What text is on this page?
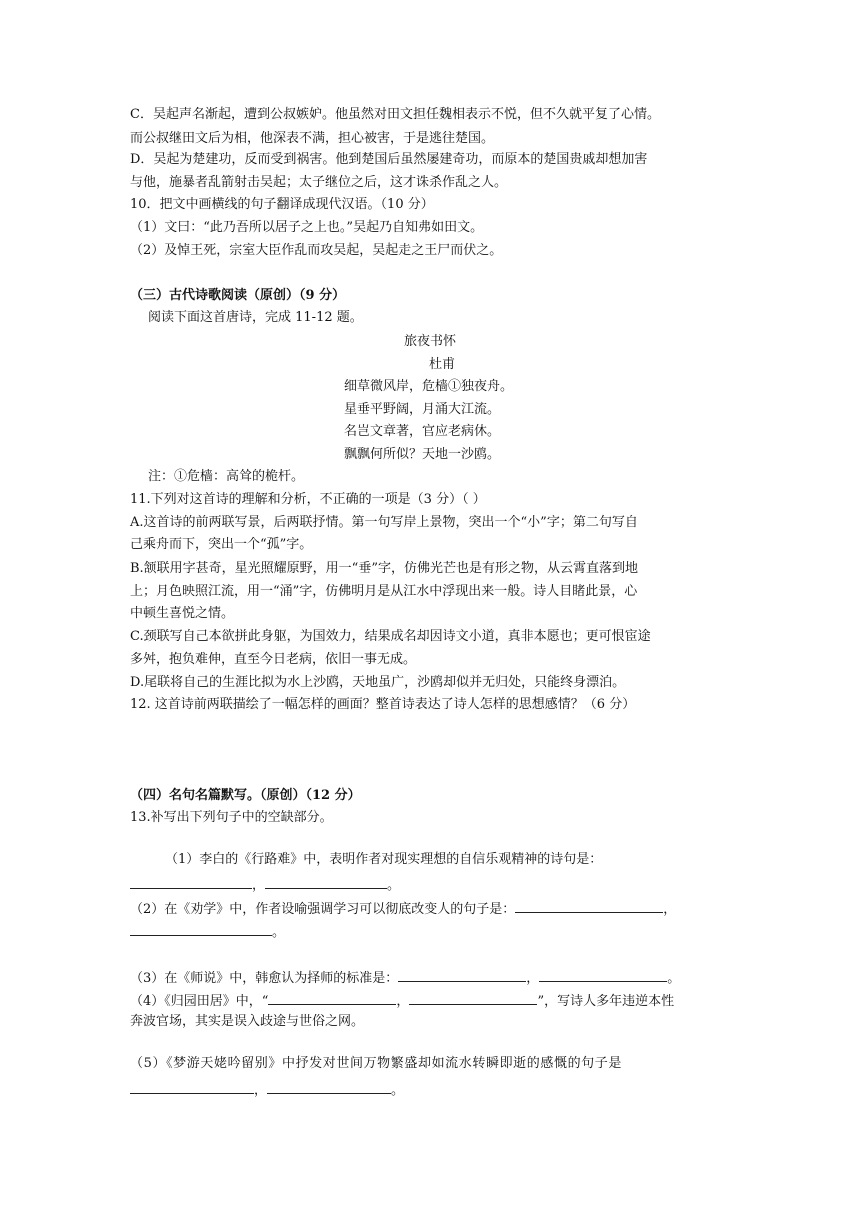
C．吴起声名渐起，遭到公叔嫉妒。他虽然对田文担任魏相表示不悦，但不久就平复了心情。
而公叔继田文后为相，他深表不满，担心被害，于是逃往楚国。
D．吴起为楚建功，反而受到祸害。他到楚国后虽然屡建奇功，而原本的楚国贵戚却想加害
与他，施暴者乱箭射击吴起；太子继位之后，这才诛杀作乱之人。
10．把文中画横线的句子翻译成现代汉语。（10 分）
（1）文曰：“此乃吾所以居子之上也。”吴起乃自知弗如田文。
（2）及悼王死，宗室大臣作乱而攻吴起，吴起走之王尸而伏之。
（三）古代诗歌阅读（原创）（9 分）
阅读下面这首唐诗，完成 11-12 题。
旅夜书怀
杜甫
细草微风岸，危樯①独夜舟。
星垂平野阔，月涌大江流。
名岂文章著，官应老病休。
飘飘何所似？天地一沙鸥。
注：①危樯：高耸的桅杆。
11.下列对这首诗的理解和分析，不正确的一项是（3 分）（ ）
A.这首诗的前两联写景，后两联抒情。第一句写岸上景物，突出一个“小”字；第二句写自
己乘舟而下，突出一个“孤”字。
B.颔联用字甚奇，星光照耀原野，用一“垂”字，仿佛光芒也是有形之物，从云霄直落到地
上；月色映照江流，用一“涌”字，仿佛明月是从江水中浮现出来一般。诗人目睹此景，心
中顿生喜悦之情。
C.颈联写自己本欲拼此身躯，为国效力，结果成名却因诗文小道，真非本愿也；更可恨宦途
多舛，抱负难伸，直至今日老病，依旧一事无成。
D.尾联将自己的生涯比拟为水上沙鸥，天地虽广，沙鸥却似并无归处，只能终身漂泊。
12. 这首诗前两联描绘了一幅怎样的画面？整首诗表达了诗人怎样的思想感情？（6 分）
（四）名句名篇默写。（原创）（12 分）
13.补写出下列句子中的空缺部分。
（1）李白的《行路难》中，表明作者对现实理想的自信乐观精神的诗句是：
，	。
（2）在《劝学》中，作者设喻强调学习可以彻底改变人的句子是：	，
。
（3）在《师说》中，韩愈认为择师的标准是：	，	。
（4）《归园田居》中，“	，	”，写诗人多年违逆本性
奔波官场，其实是误入歧途与世俗之网。
（5）《梦游天姥吟留别》中抒发对世间万物繁盛却如流水转瞬即逝的感慨的句子是
，	。
